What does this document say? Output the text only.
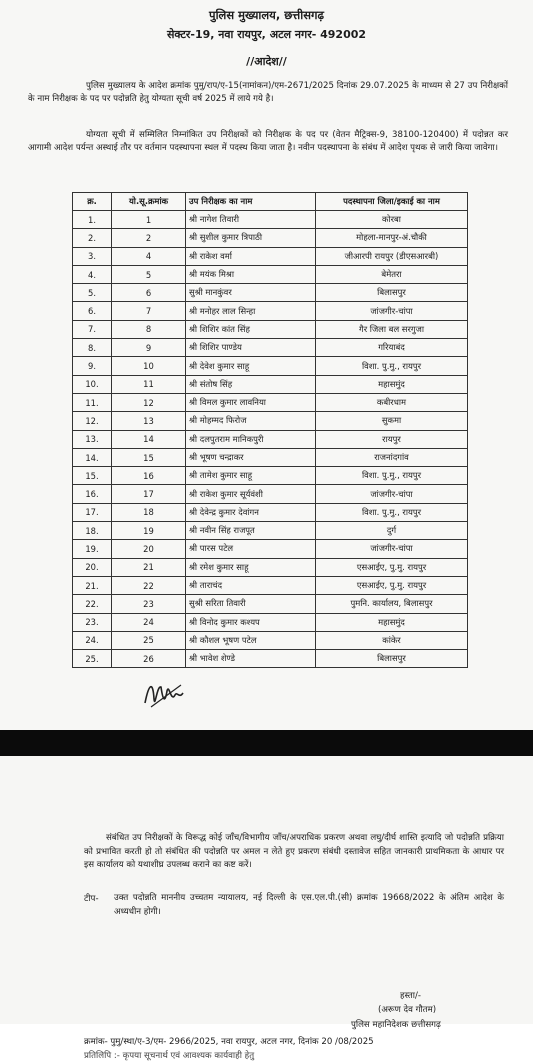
पुलिस मुख्यालय, छत्तीसगढ़
सेक्टर-19, नवा रायपुर, अटल नगर- 492002
//आदेश//
पुलिस मुख्यालय के आदेश क्रमांक पुमु/राप/ए-15(नामांकन)/एम-2671/2025 दिनांक 29.07.2025 के माध्यम से 27 उप निरीक्षकों के नाम निरीक्षक के पद पर पदोन्नति हेतु योग्यता सूची वर्ष 2025 में लाये गये है।
योग्यता सूची में सम्मिलित निम्नांकित उप निरीक्षकों को निरीक्षक के पद पर (वेतन मैट्रिक्स-9, 38100-120400) में पदोन्नत कर आगामी आदेश पर्यन्त अस्थाई तौर पर वर्तमान पदस्थापना स्थल में पदस्थ किया जाता है। नवीन पदस्थापना के संबंध में आदेश पृथक से जारी किया जावेगा।
क्र.	यो.सू.क्रमांक	उप निरीक्षक का नाम	पदस्थापना जिला/इकाई का नाम
1.	1	श्री नागेश तिवारी	कोरबा
2.	2	श्री सुशील कुमार त्रिपाठी	मोहला-मानपुर-अं.चौकी
3.	4	श्री राकेश वर्मा	जीआरपी रायपुर (डीएसआरबी)
4.	5	श्री मयंक मिश्रा	बेमेतरा
5.	6	सुश्री मानकुंवर	बिलासपुर
6.	7	श्री मनोहर लाल सिन्हा	जांजगीर-चांपा
7.	8	श्री शिशिर कांत सिंह	गैर जिला बल सरगुजा
8.	9	श्री शिशिर पाण्डेय	गरियाबंद
9.	10	श्री देवेश कुमार साहू	विशा. पु.मु., रायपुर
10.	11	श्री संतोष सिंह	महासमुंद
11.	12	श्री विमल कुमार लावनिया	कबीरधाम
12.	13	श्री मोहम्मद फिरोज	सुकमा
13.	14	श्री दलपुतराम मानिकपुरी	रायपुर
14.	15	श्री भूषण चन्द्राकर	राजनांदगांव
15.	16	श्री तामेश कुमार साहू	विशा. पु.मु., रायपुर
16.	17	श्री राकेश कुमार सूर्यवंशी	जांजगीर-चांपा
17.	18	श्री देवेन्द्र कुमार देवांगन	विशा. पु.मु., रायपुर
18.	19	श्री नवीन सिंह राजपूत	दुर्ग
19.	20	श्री पारस पटेल	जांजगीर-चांपा
20.	21	श्री रमेश कुमार साहू	एसआईए, पु.मु. रायपुर
21.	22	श्री ताराचंद	एसआईए, पु.मु. रायपुर
22.	23	सुश्री सरिता तिवारी	पुमनि. कार्यालय, बिलासपुर
23.	24	श्री विनोद कुमार कश्यप	महासमुंद
24.	25	श्री कौशल भूषण पटेल	कांकेर
25.	26	श्री भावेश शेण्डे	बिलासपुर
संबंधित उप निरीक्षकों के विरूद्ध कोई जाँच/विभागीय जाँच/अपराधिक प्रकरण अथवा लघु/दीर्घ शास्ति इत्यादि जो पदोन्नति प्रक्रिया को प्रभावित करती हो तो संबंधित की पदोन्नति पर अमल न लेते हुए प्रकरण संबंधी दस्तावेज सहित जानकारी प्राथमिकता के आधार पर इस कार्यालय को यथाशीघ्र उपलब्ध कराने का कष्ट करें।
टीप- उक्त पदोन्नति माननीय उच्चतम न्यायालय, नई दिल्ली के एस.एल.पी.(सी) क्रमांक 19668/2022 के अंतिम आदेश के अध्यधीन होगी।
हस्ता/-
(अरूण देव गौतम)
पुलिस महानिदेशक छत्तीसगढ़
क्रमांक- पुमु/स्था/ए-3/एम- 2966/2025, नवा रायपुर, अटल नगर, दिनांक 20 /08/2025
प्रतिलिपि :- कृपया सूचनार्थ एवं आवश्यक कार्यवाही हेतु
